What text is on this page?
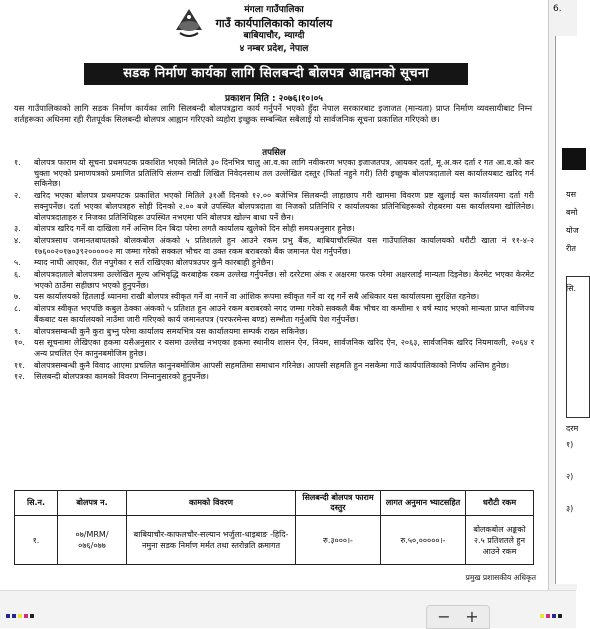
मंगला गाउँपालिका
गाउँ कार्यपालिकाको कार्यालय
बाबियाचौर, म्याग्दी
४ नम्बर प्रदेश, नेपाल
सडक निर्माण कार्यका लागि सिलबन्दी बोलपत्र आह्वानको सूचना
प्रकाशन मिति : २०७६।१०।०५
यस गाउँपालिकाको लागि सडक निर्माण कार्यका लागि सिलबन्दी बोलपत्रद्वारा कार्य गर्नुपर्ने भएको हुँदा नेपाल सरकारबाट इजाजत (मान्यता) प्राप्त निर्माण व्यवसायीबाट निम्न शर्तहरूका अधिनमा रही रीतपूर्वक सिलबन्दी बोलपत्र आह्वान गरिएको व्यहोरा इच्छुक सम्बन्धित सबैलाई यो सार्वजनिक सूचना प्रकाशित गरिएको छ।
तपसिल
१.	बोलपत्र फाराम यो सूचना प्रथमपटक प्रकाशित भएको मितिले ३० दिनभित्र चालु आ.व.का लागि नवीकरण भएका इजाजतपत्र, आयकर दर्ता, मू.अ.कर दर्ता र गत आ.व.को कर चुक्ता भएको प्रमाणपत्रको प्रमाणित प्रतिलिपि संलग्न राखी लिखित निवेदनसाथ तल उल्लेखित दस्तुर (फिर्ता नहुने गरी) तिरी इच्छुक बोलपत्रदाताले यस कार्यालयबाट खरिद गर्न सकिनेछ।
२.	खरिद भएका बोलपत्र प्रथमपटक प्रकाशित भएको मितिले ३१औं दिनको १२.०० बजेभित्र सिलबन्दी लाहाछाप गरी खाममा विवरण प्रष्ट खुलाई यस कार्यालयमा दर्ता गरी सक्नुपर्नेछ। दर्ता भएका बोलपत्रहरु सोही दिनको २.०० बजे उपस्थित बोलपत्रदाता वा निजको प्रतिनिधि र कार्यालयका प्रतिनिधिहरूको रोहबरमा यस कार्यालयमा खोलिनेछ। बोलपत्रदाताहरु र निजका प्रतिनिधिहरू उपस्थित नभएमा पनि बोलपत्र खोल्न बाधा पर्ने छैन।
३.	बोलपत्र खरिद गर्ने वा दाखिला गर्ने अन्तिम दिन बिदा परेमा लगतै कार्यालय खुलेको दिन सोही समयअनुसार हुनेछ।
४.	बोलपत्रसाथ जमानतबापतको बोलकबोल अंकको ५ प्रतिशतले हुन आउने रकम प्रभु बैंक, बाबियाचौरस्थित यस गाउँपालिका कार्यालयको धरौटी खाता नं ११-४-२ १७६००२०१७०३९२०००००२ मा जम्मा गरेको सक्कल भौचर वा उक्त रकम बराबरको बैंक जमानत पेश गर्नुपर्नेछ।
५.	म्याद नाघी आएका, रीत नपुगेका र सर्त राखिएका बोलपत्रउपर कुनै कारबाही हुनेछैन।
६.	बोलपत्रदाताले बोलपत्रमा उल्लेखित मूल्य अभिवृद्धि करबाहेक रकम उल्लेख गर्नुपर्नेछ। सो दररेटमा अंक र अक्षरमा फरक परेमा अक्षरलाई मान्यता दिइनेछ। केरमेट भएका केरमेट भएको ठाउँमा सहीछाप भएको हुनुपर्नेछ।
७.	यस कार्यालयको हितलाई ध्यानमा राखी बोलपत्र स्वीकृत गर्ने वा नगर्ने वा आंशिक रूपमा स्वीकृत गर्ने वा रद्द गर्ने सबै अधिकार यस कार्यालयमा सुरक्षित रहनेछ।
८.	बोलपत्र स्वीकृत भएपछि कबुल ठेक्का अंकको ५ प्रतिशत हुन आउने रकम बराबरको नगद जम्मा गरेको सक्कलै बैंक भौचर वा कम्तीमा १ वर्ष म्याद भएको मान्यता प्राप्त वाणिज्य बैंकबाट यस कार्यालयको नाउँमा जारी गरिएको कार्य जमानतपत्र (परफरमेन्स बण्ड) सम्भौता गर्नुअघि पेश गर्नुपर्नेछ।
९.	बोलपत्रसम्बन्धी कुनै कुरा बुभ्नु परेमा कार्यालय समयभित्र यस कार्यालयमा सम्पर्क राख्न सकिनेछ।
१०.	यस सूचनामा लेखिएका हकमा यसैअनुसार र यसमा उल्लेख नभएका हकमा स्थानीय शासन ऐन, नियम, सार्वजनिक खरिद ऐन, २०६३, सार्वजनिक खरिद नियमावली, २०६४ र अन्य प्रचलित ऐन कानुनबमोजिम हुनेछ।
११.	बोलपत्रसम्बन्धी कुनै विवाद आएमा प्रचलित कानुनबमोजिम आपसी सहमतिमा समाधान गरिनेछ। आपसी सहमति हुन नसकेमा गाउँ कार्यपालिकाको निर्णय अन्तिम हुनेछ।
१२.	सिलबन्दी बोलपत्रका कामको विवरण निम्नानुसारको हुनुपर्नेछ।
सि.न.	बोलपत्र न.	कामको विवरण	सिलबन्दी बोलपत्र फाराम दस्तुर	लागत अनुमान भ्याटसहित	धरौटी रकम
१.	०७/MRM/ ०७६/०७७	बाबियाचौर-काफलचौर-सल्यान भर्जुला-धाइबाङ -हिदि-नमुना सडक निर्माण मर्मत तथा स्तरोन्नति क्रमागत	रु.३०००।-	रु.५०,०००००।-	बोलकबोल अङ्कको २.५ प्रतिशतले हुन आउने रकम
प्रमुख प्रशासकीय अधिकृत
6.
यस
बमो
योज
रीत
सि.
दरम
१)
२)
३)
− +
